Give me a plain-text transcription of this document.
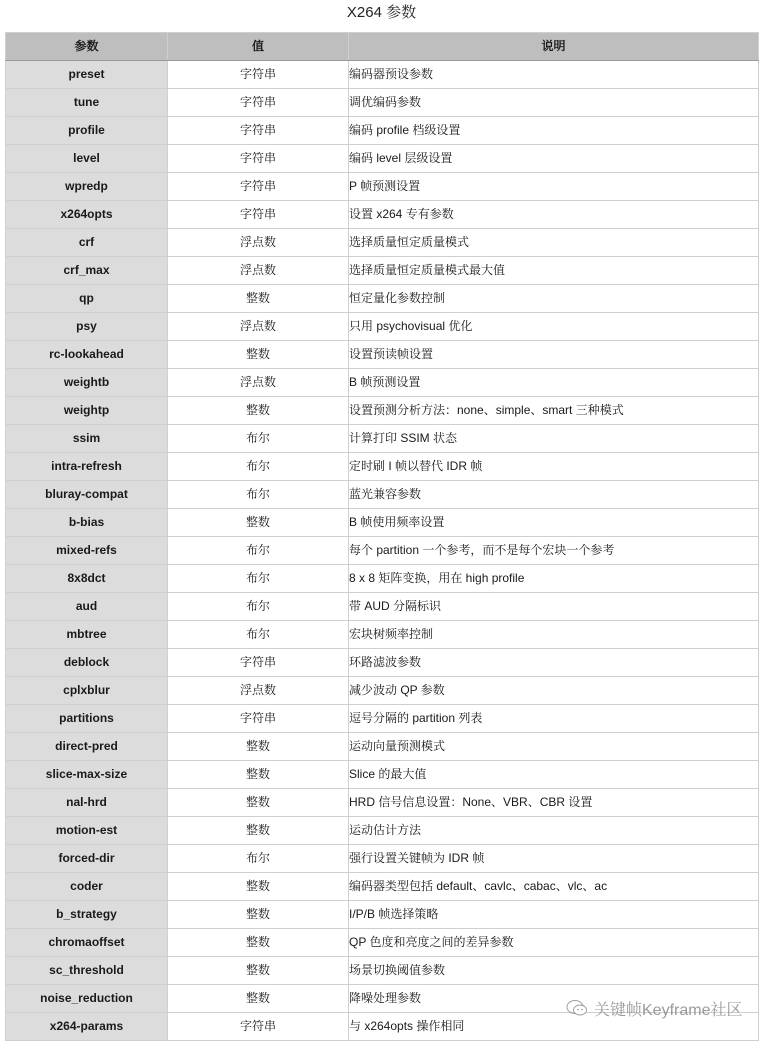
X264 参数
参数	值	说明
preset	字符串	编码器预设参数
tune	字符串	调优编码参数
profile	字符串	编码 profile 档级设置
level	字符串	编码 level 层级设置
wpredp	字符串	P 帧预测设置
x264opts	字符串	设置 x264 专有参数
crf	浮点数	选择质量恒定质量模式
crf_max	浮点数	选择质量恒定质量模式最大值
qp	整数	恒定量化参数控制
psy	浮点数	只用 psychovisual 优化
rc-lookahead	整数	设置预读帧设置
weightb	浮点数	B 帧预测设置
weightp	整数	设置预测分析方法：none、simple、smart 三种模式
ssim	布尔	计算打印 SSIM 状态
intra-refresh	布尔	定时刷 I 帧以替代 IDR 帧
bluray-compat	布尔	蓝光兼容参数
b-bias	整数	B 帧使用频率设置
mixed-refs	布尔	每个 partition 一个参考，而不是每个宏块一个参考
8x8dct	布尔	8 x 8 矩阵变换，用在 high profile
aud	布尔	带 AUD 分隔标识
mbtree	布尔	宏块树频率控制
deblock	字符串	环路滤波参数
cplxblur	浮点数	减少波动 QP 参数
partitions	字符串	逗号分隔的 partition 列表
direct-pred	整数	运动向量预测模式
slice-max-size	整数	Slice 的最大值
nal-hrd	整数	HRD 信号信息设置：None、VBR、CBR 设置
motion-est	整数	运动估计方法
forced-dir	布尔	强行设置关键帧为 IDR 帧
coder	整数	编码器类型包括 default、cavlc、cabac、vlc、ac
b_strategy	整数	I/P/B 帧选择策略
chromaoffset	整数	QP 色度和亮度之间的差异参数
sc_threshold	整数	场景切换阈值参数
noise_reduction	整数	降噪处理参数
x264-params	字符串	与 x264opts 操作相同
关键帧Keyframe社区
